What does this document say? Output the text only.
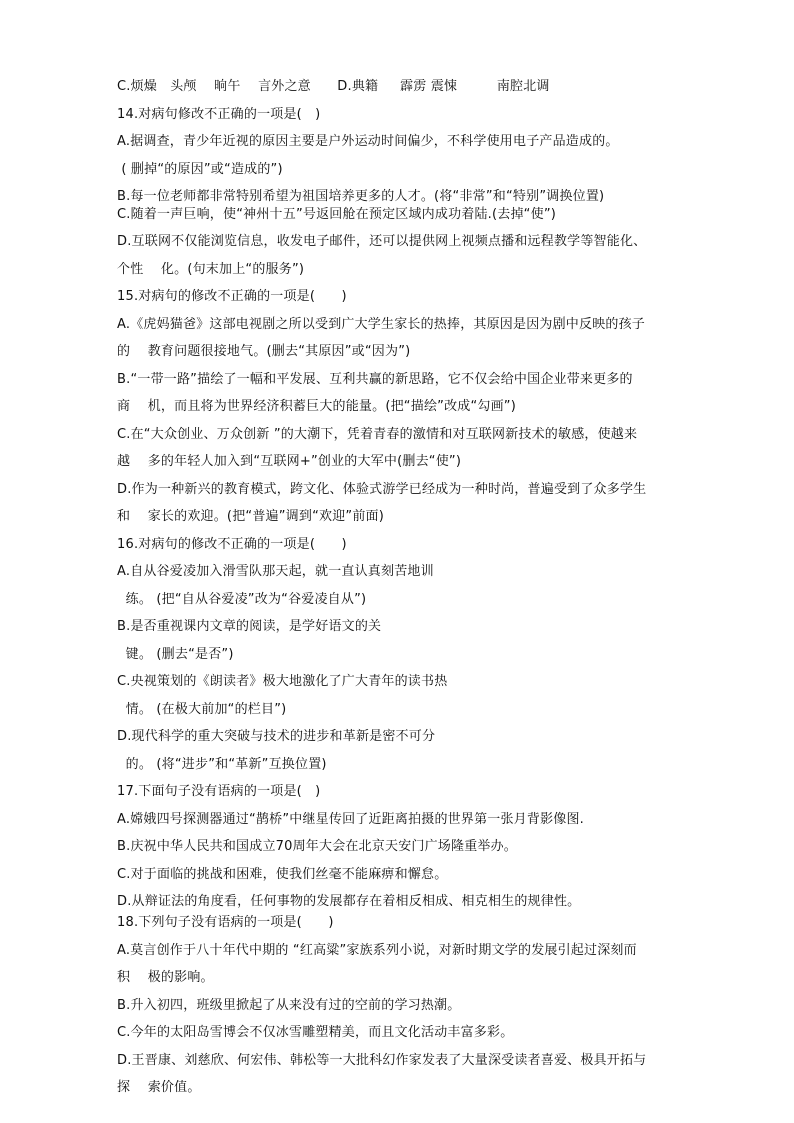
C.烦燥　头颅　 晌午　 言外之意　　D.典籍　  霹雳 震悚　　　南腔北调
14.对病句修改不正确的一项是(　)
A.据调查，青少年近视的原因主要是户外运动时间偏少，不科学使用电子产品造成的。
( 删掉“的原因”或“造成的”)
B.每一位老师都非常特别希望为祖国培养更多的人才。(将“非常”和“特别”调换位置)
C.随着一声巨响，使“神州十五”号返回舱在预定区域内成功着陆.(去掉“使”)
D.互联网不仅能浏览信息，收发电子邮件，还可以提供网上视频点播和远程教学等智能化、
个性　 化。(句末加上“的服务”)
15.对病句的修改不正确的一项是(　　)
A.《虎妈猫爸》这部电视剧之所以受到广大学生家长的热捧，其原因是因为剧中反映的孩子
的　 教育问题很接地气。(删去“其原因”或“因为”)
B.“一带一路”描绘了一幅和平发展、互利共赢的新思路，它不仅会给中国企业带来更多的
商　 机，而且将为世界经济积蓄巨大的能量。(把“描绘”改成“勾画”)
C.在“大众创业、万众创新 ”的大潮下，凭着青春的激情和对互联网新技术的敏感，使越来
越　 多的年轻人加入到“互联网+”创业的大军中(删去“使”)
D.作为一种新兴的教育模式，跨文化、体验式游学已经成为一种时尚，普遍受到了众多学生
和　 家长的欢迎。(把“普遍”调到“欢迎”前面)
16.对病句的修改不正确的一项是(　　)
A.自从谷爱凌加入滑雪队那天起，就一直认真刻苦地训
练。 (把“自从谷爱凌”改为“谷爱凌自从”)
B.是否重视课内文章的阅读，是学好语文的关
键。 (删去“是否”)
C.央视策划的《朗读者》极大地激化了广大青年的读书热
情。 (在极大前加“的栏目”)
D.现代科学的重大突破与技术的进步和革新是密不可分
的。 (将“进步”和“革新”互换位置)
17.下面句子没有语病的一项是(　)
A.嫦娥四号探测器通过“鹊桥”中继星传回了近距离拍摄的世界第一张月背影像图.
B.庆祝中华人民共和国成立70周年大会在北京天安门广场隆重举办。
C.对于面临的挑战和困难，使我们丝毫不能麻痹和懈怠。
D.从辩证法的角度看，任何事物的发展都存在着相反相成、相克相生的规律性。
18.下列句子没有语病的一项是(　　)
A.莫言创作于八十年代中期的 “红高粱”家族系列小说，对新时期文学的发展引起过深刻而
积　 极的影响。
B.升入初四，班级里掀起了从来没有过的空前的学习热潮。
C.今年的太阳岛雪博会不仅冰雪雕塑精美，而且文化活动丰富多彩。
D.王晋康、刘慈欣、何宏伟、韩松等一大批科幻作家发表了大量深受读者喜爱、极具开拓与
探　 索价值。
